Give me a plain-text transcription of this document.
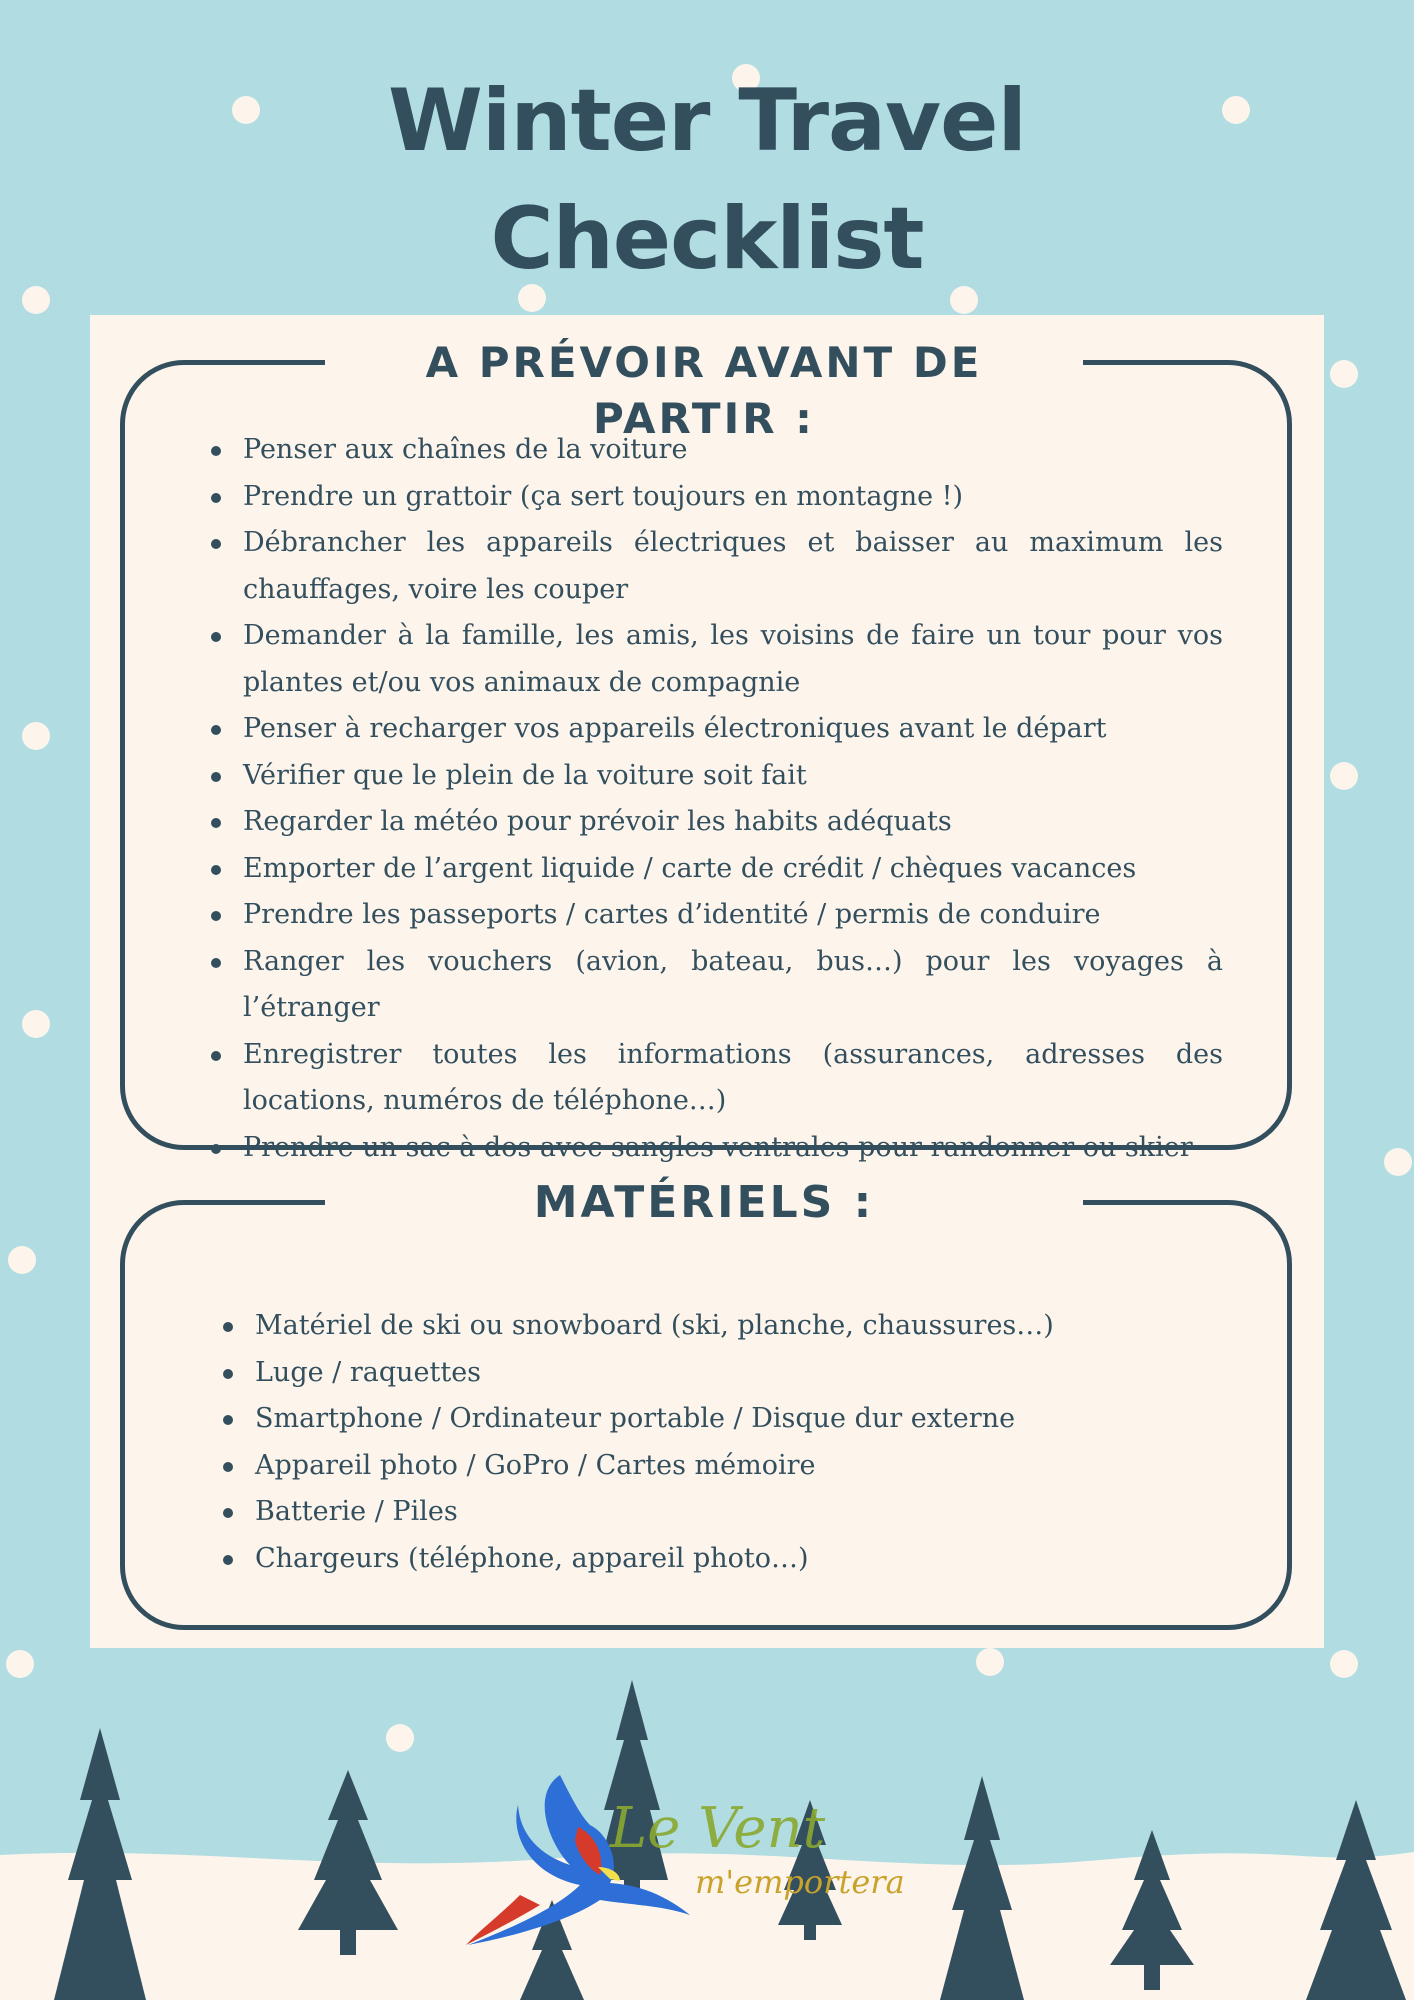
Winter Travel
Checklist
A PRÉVOIR AVANT DE PARTIR :
Penser aux chaînes de la voiture
Prendre un grattoir (ça sert toujours en montagne !)
Débrancher les appareils électriques et baisser au maximum les chauffages, voire les couper
Demander à la famille, les amis, les voisins de faire un tour pour vos plantes et/ou vos animaux de compagnie
Penser à recharger vos appareils électroniques avant le départ
Vérifier que le plein de la voiture soit fait
Regarder la météo pour prévoir les habits adéquats
Emporter de l’argent liquide / carte de crédit / chèques vacances
Prendre les passeports / cartes d’identité / permis de conduire
Ranger les vouchers (avion, bateau, bus…) pour les voyages à l’étranger
Enregistrer toutes les informations (assurances, adresses des locations, numéros de téléphone…)
Prendre un sac à dos avec sangles ventrales pour randonner ou skier
MATÉRIELS :
Matériel de ski ou snowboard (ski, planche, chaussures…)
Luge / raquettes
Smartphone / Ordinateur portable / Disque dur externe
Appareil photo / GoPro / Cartes mémoire
Batterie / Piles
Chargeurs (téléphone, appareil photo…)
Le Vent
m'emportera
